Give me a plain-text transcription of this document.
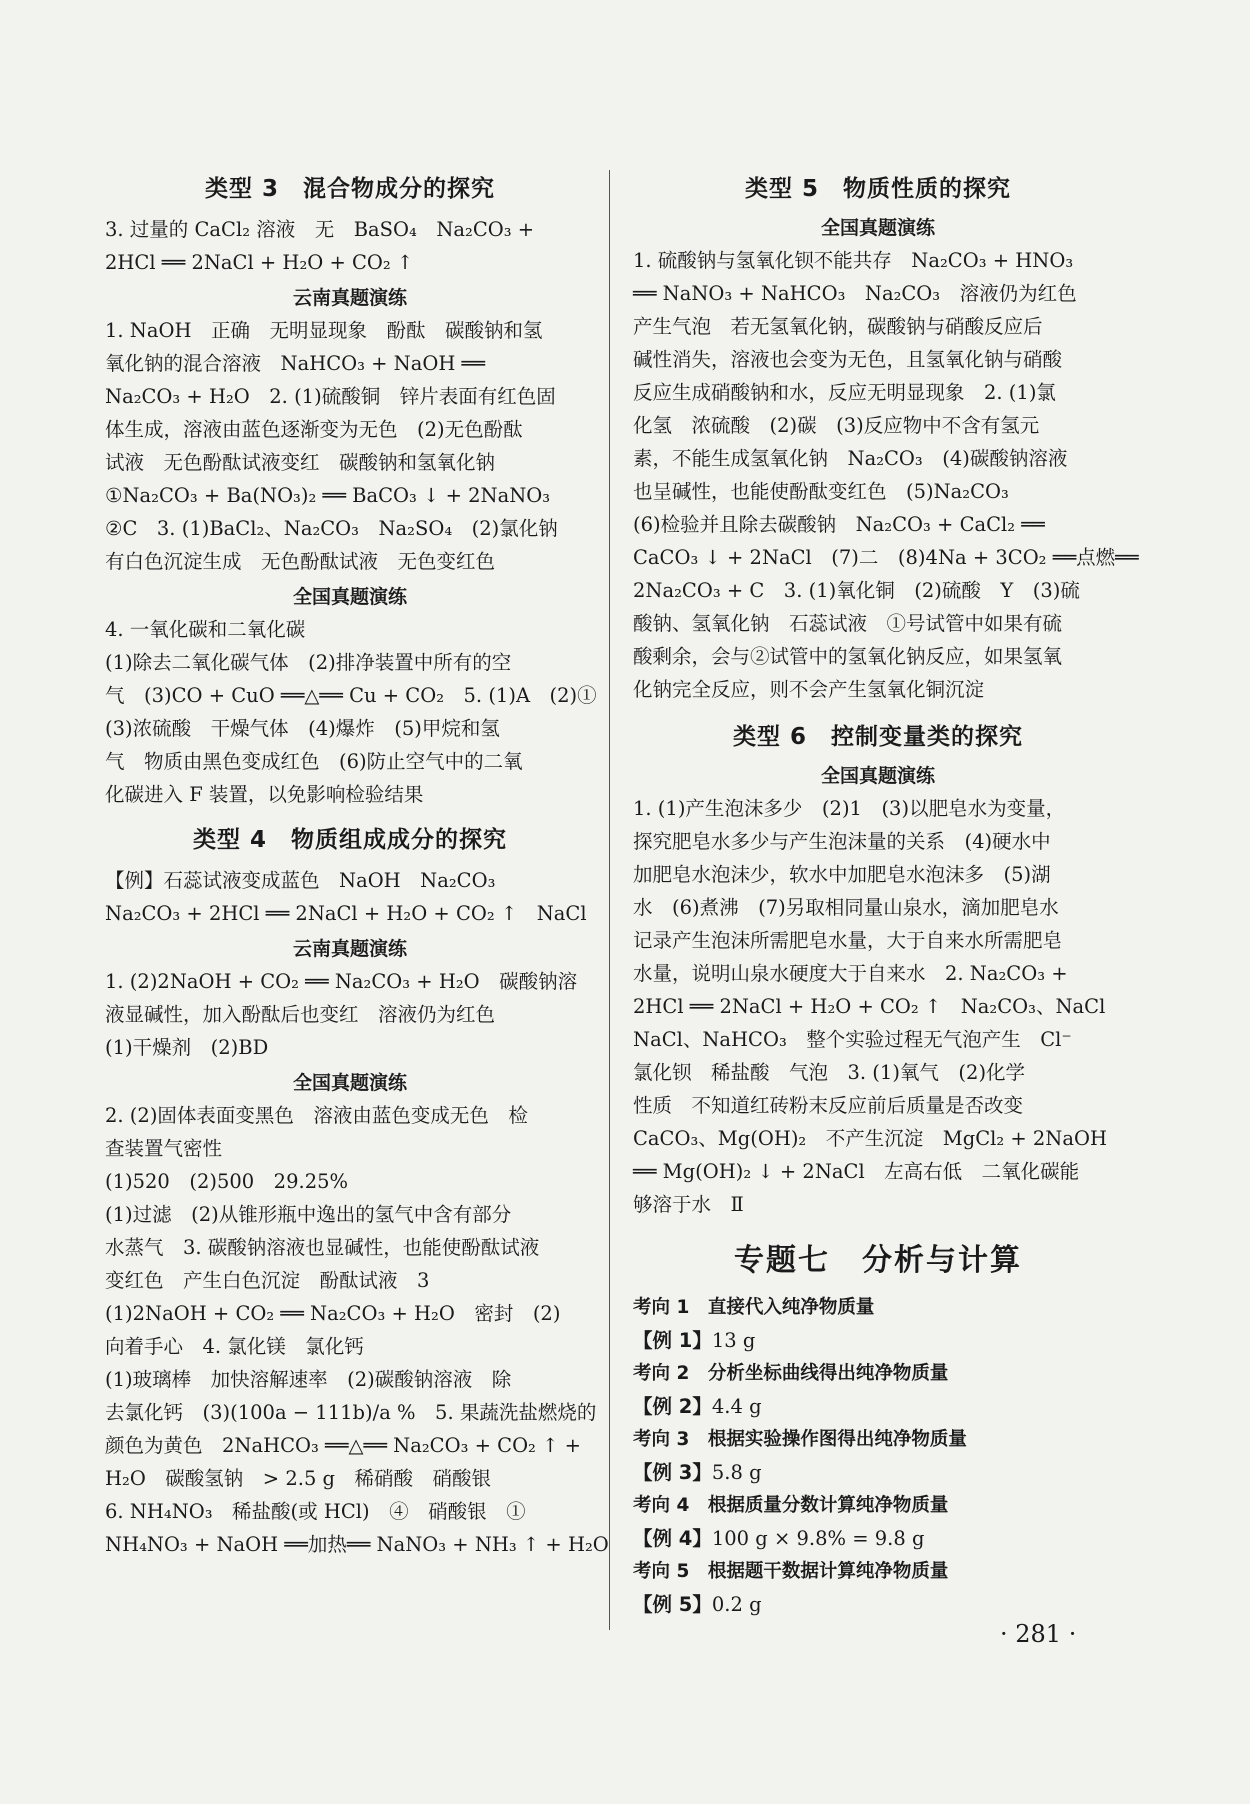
类型 3　混合物成分的探究
3. 过量的 CaCl₂ 溶液　无　BaSO₄　Na₂CO₃ +
2HCl ══ 2NaCl + H₂O + CO₂ ↑
云南真题演练
1. NaOH　正确　无明显现象　酚酞　碳酸钠和氢
氧化钠的混合溶液　NaHCO₃ + NaOH ══
Na₂CO₃ + H₂O　2. (1)硫酸铜　锌片表面有红色固
体生成，溶液由蓝色逐渐变为无色　(2)无色酚酞
试液　无色酚酞试液变红　碳酸钠和氢氧化钠
①Na₂CO₃ + Ba(NO₃)₂ ══ BaCO₃ ↓ + 2NaNO₃
②C　3. (1)BaCl₂、Na₂CO₃　Na₂SO₄　(2)氯化钠
有白色沉淀生成　无色酚酞试液　无色变红色
全国真题演练
4. 一氧化碳和二氧化碳
(1)除去二氧化碳气体　(2)排净装置中所有的空
气　(3)CO + CuO ══△══ Cu + CO₂　5. (1)A　(2)①
(3)浓硫酸　干燥气体　(4)爆炸　(5)甲烷和氢
气　物质由黑色变成红色　(6)防止空气中的二氧
化碳进入 F 装置，以免影响检验结果
类型 4　物质组成成分的探究
【例】石蕊试液变成蓝色　NaOH　Na₂CO₃
Na₂CO₃ + 2HCl ══ 2NaCl + H₂O + CO₂ ↑　NaCl
云南真题演练
1. (2)2NaOH + CO₂ ══ Na₂CO₃ + H₂O　碳酸钠溶
液显碱性，加入酚酞后也变红　溶液仍为红色
(1)干燥剂　(2)BD
全国真题演练
2. (2)固体表面变黑色　溶液由蓝色变成无色　检
查装置气密性
(1)520　(2)500　29.25%
(1)过滤　(2)从锥形瓶中逸出的氢气中含有部分
水蒸气　3. 碳酸钠溶液也显碱性，也能使酚酞试液
变红色　产生白色沉淀　酚酞试液　3
(1)2NaOH + CO₂ ══ Na₂CO₃ + H₂O　密封　(2)
向着手心　4. 氯化镁　氯化钙
(1)玻璃棒　加快溶解速率　(2)碳酸钠溶液　除
去氯化钙　(3)(100a − 111b)/a %　5. 果蔬洗盐燃烧的
颜色为黄色　2NaHCO₃ ══△══ Na₂CO₃ + CO₂ ↑ +
H₂O　碳酸氢钠　> 2.5 g　稀硝酸　硝酸银
6. NH₄NO₃　稀盐酸(或 HCl)　④　硝酸银　①
NH₄NO₃ + NaOH ══加热══ NaNO₃ + NH₃ ↑ + H₂O
类型 5　物质性质的探究
全国真题演练
1. 硫酸钠与氢氧化钡不能共存　Na₂CO₃ + HNO₃
══ NaNO₃ + NaHCO₃　Na₂CO₃　溶液仍为红色
产生气泡　若无氢氧化钠，碳酸钠与硝酸反应后
碱性消失，溶液也会变为无色，且氢氧化钠与硝酸
反应生成硝酸钠和水，反应无明显现象　2. (1)氯
化氢　浓硫酸　(2)碳　(3)反应物中不含有氢元
素，不能生成氢氧化钠　Na₂CO₃　(4)碳酸钠溶液
也呈碱性，也能使酚酞变红色　(5)Na₂CO₃
(6)检验并且除去碳酸钠　Na₂CO₃ + CaCl₂ ══
CaCO₃ ↓ + 2NaCl　(7)二　(8)4Na + 3CO₂ ══点燃══
2Na₂CO₃ + C　3. (1)氧化铜　(2)硫酸　Y　(3)硫
酸钠、氢氧化钠　石蕊试液　①号试管中如果有硫
酸剩余，会与②试管中的氢氧化钠反应，如果氢氧
化钠完全反应，则不会产生氢氧化铜沉淀
类型 6　控制变量类的探究
全国真题演练
1. (1)产生泡沫多少　(2)1　(3)以肥皂水为变量，
探究肥皂水多少与产生泡沫量的关系　(4)硬水中
加肥皂水泡沫少，软水中加肥皂水泡沫多　(5)湖
水　(6)煮沸　(7)另取相同量山泉水，滴加肥皂水
记录产生泡沫所需肥皂水量，大于自来水所需肥皂
水量，说明山泉水硬度大于自来水　2. Na₂CO₃ +
2HCl ══ 2NaCl + H₂O + CO₂ ↑　Na₂CO₃、NaCl
NaCl、NaHCO₃　整个实验过程无气泡产生　Cl⁻
氯化钡　稀盐酸　气泡　3. (1)氧气　(2)化学
性质　不知道红砖粉末反应前后质量是否改变
CaCO₃、Mg(OH)₂　不产生沉淀　MgCl₂ + 2NaOH
══ Mg(OH)₂ ↓ + 2NaCl　左高右低　二氧化碳能
够溶于水　Ⅱ
专题七　分析与计算
考向 1　直接代入纯净物质量
【例 1】13 g
考向 2　分析坐标曲线得出纯净物质量
【例 2】4.4 g
考向 3　根据实验操作图得出纯净物质量
【例 3】5.8 g
考向 4　根据质量分数计算纯净物质量
【例 4】100 g × 9.8% = 9.8 g
考向 5　根据题干数据计算纯净物质量
【例 5】0.2 g
· 281 ·
